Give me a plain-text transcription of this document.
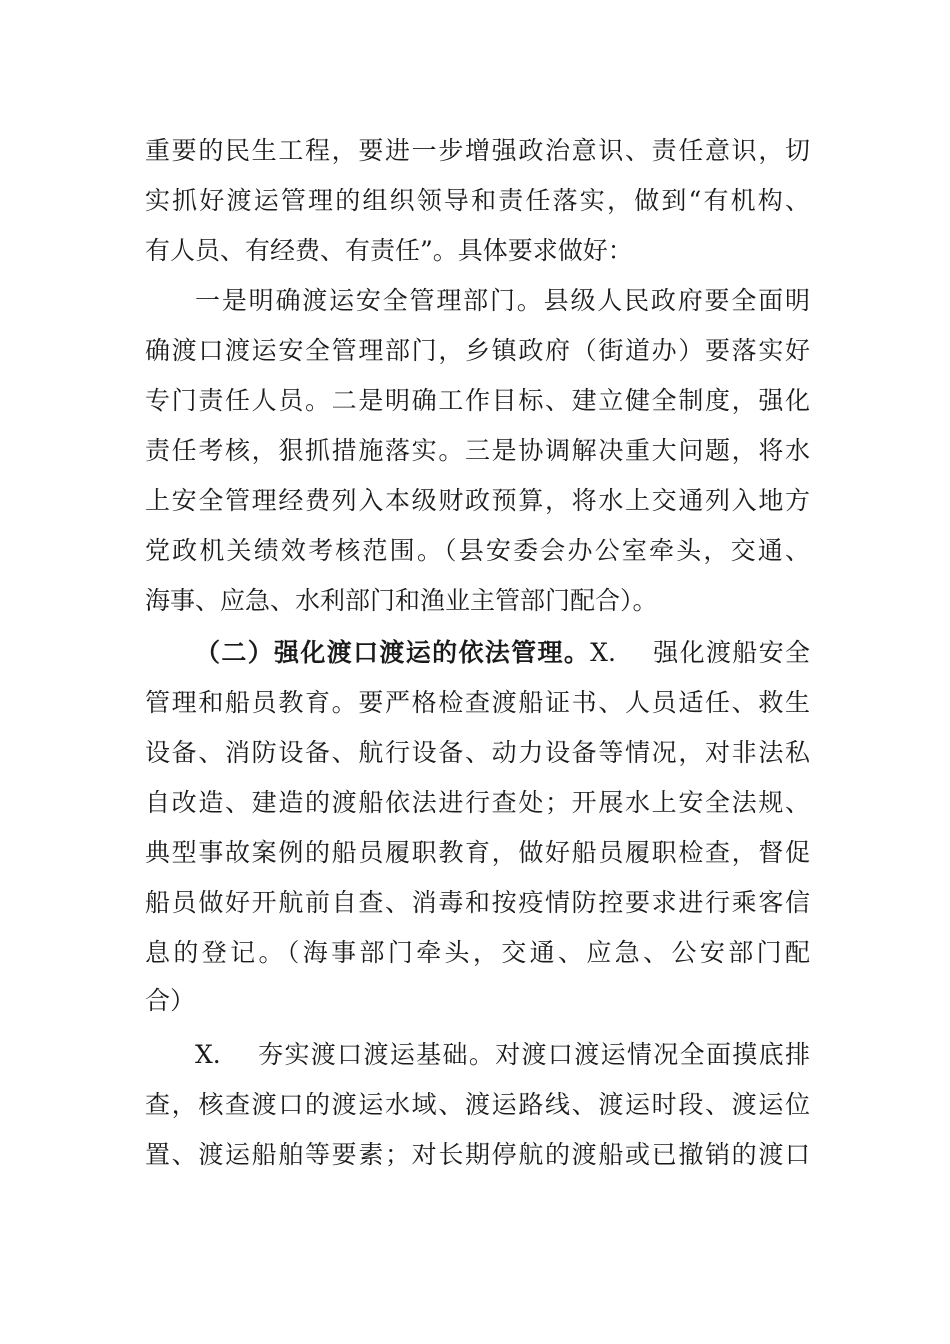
重要的民生工程，要进一步增强政治意识、责任意识，切
实抓好渡运管理的组织领导和责任落实，做到“有机构、
有人员、有经费、有责任”。具体要求做好：
一是明确渡运安全管理部门。县级人民政府要全面明
确渡口渡运安全管理部门，乡镇政府（街道办）要落实好
专门责任人员。二是明确工作目标、建立健全制度，强化
责任考核，狠抓措施落实。三是协调解决重大问题，将水
上安全管理经费列入本级财政预算，将水上交通列入地方
党政机关绩效考核范围。（县安委会办公室牵头，交通、
海事、应急、水利部门和渔业主管部门配合）。
（二）强化渡口渡运的依法管理。X. 强化渡船安全
管理和船员教育。要严格检查渡船证书、人员适任、救生
设备、消防设备、航行设备、动力设备等情况，对非法私
自改造、建造的渡船依法进行查处；开展水上安全法规、
典型事故案例的船员履职教育，做好船员履职检查，督促
船员做好开航前自查、消毒和按疫情防控要求进行乘客信
息的登记。（海事部门牵头，交通、应急、公安部门配
合）
X. 夯实渡口渡运基础。对渡口渡运情况全面摸底排
查，核查渡口的渡运水域、渡运路线、渡运时段、渡运位
置、渡运船舶等要素；对长期停航的渡船或已撤销的渡口
